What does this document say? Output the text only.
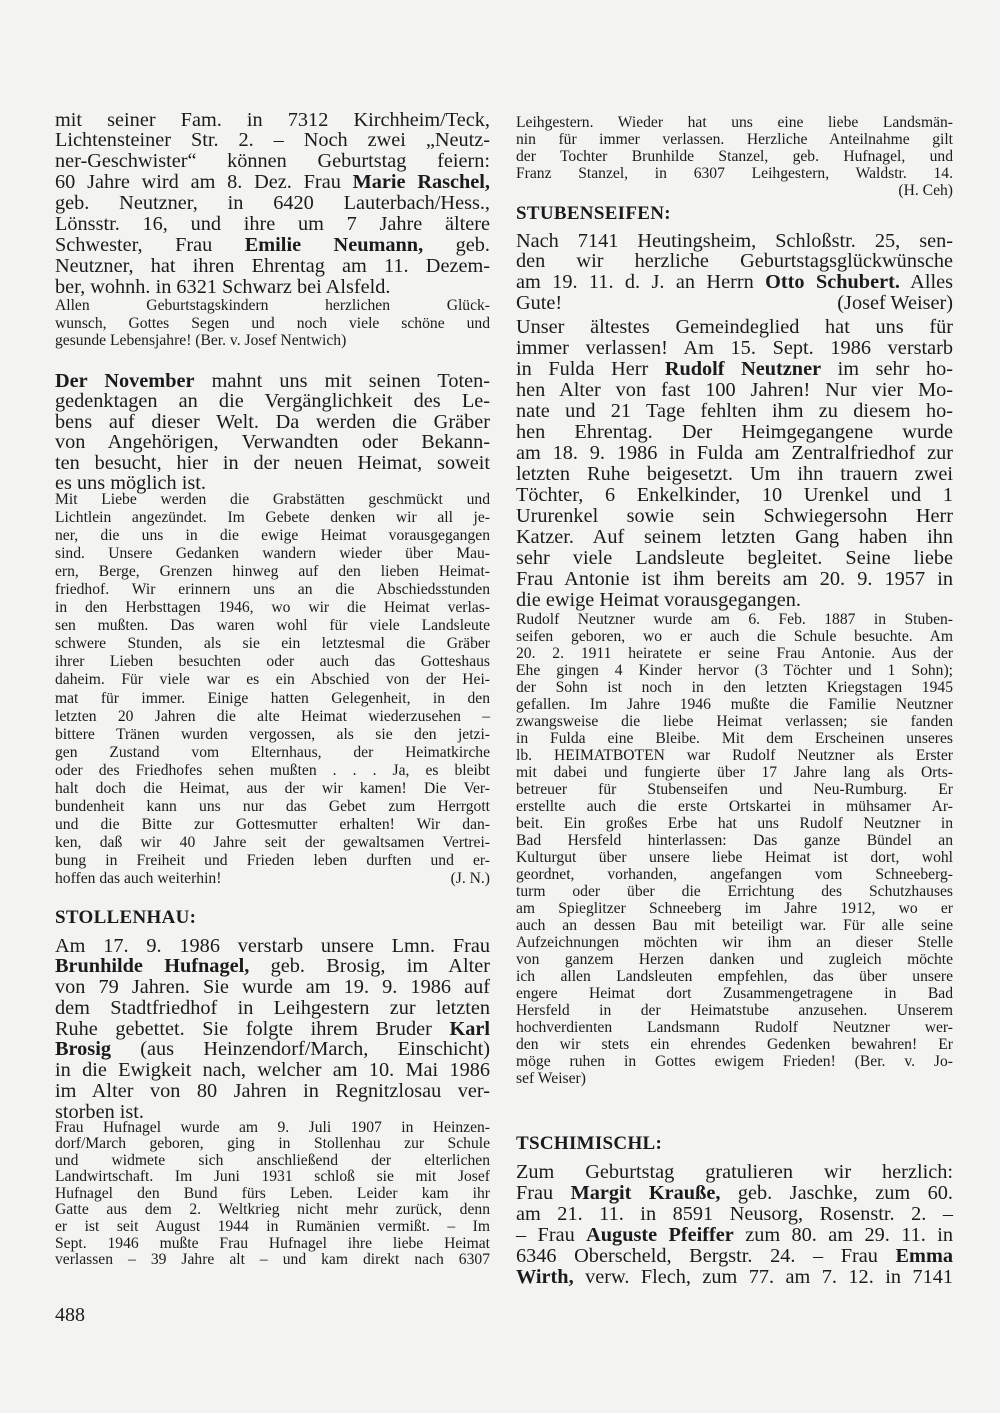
mit seiner Fam. in 7312 Kirchheim/Teck,
Lichtensteiner Str. 2. – Noch zwei „Neutz-
ner-Geschwister“ können Geburtstag feiern:
60 Jahre wird am 8. Dez. Frau Marie Raschel,
geb. Neutzner, in 6420 Lauterbach/Hess.,
Lönsstr. 16, und ihre um 7 Jahre ältere
Schwester, Frau Emilie Neumann, geb.
Neutzner, hat ihren Ehrentag am 11. Dezem-
ber, wohnh. in 6321 Schwarz bei Alsfeld.
Allen Geburtstagskindern herzlichen Glück-
wunsch, Gottes Segen und noch viele schöne und
gesunde Lebensjahre! (Ber. v. Josef Nentwich)
Der November mahnt uns mit seinen Toten-
gedenktagen an die Vergänglichkeit des Le-
bens auf dieser Welt. Da werden die Gräber
von Angehörigen, Verwandten oder Bekann-
ten besucht, hier in der neuen Heimat, soweit
es uns möglich ist.
Mit Liebe werden die Grabstätten geschmückt und
Lichtlein angezündet. Im Gebete denken wir all je-
ner, die uns in die ewige Heimat vorausgegangen
sind. Unsere Gedanken wandern wieder über Mau-
ern, Berge, Grenzen hinweg auf den lieben Heimat-
friedhof. Wir erinnern uns an die Abschiedsstunden
in den Herbsttagen 1946, wo wir die Heimat verlas-
sen mußten. Das waren wohl für viele Landsleute
schwere Stunden, als sie ein letztesmal die Gräber
ihrer Lieben besuchten oder auch das Gotteshaus
daheim. Für viele war es ein Abschied von der Hei-
mat für immer. Einige hatten Gelegenheit, in den
letzten 20 Jahren die alte Heimat wiederzusehen –
bittere Tränen wurden vergossen, als sie den jetzi-
gen Zustand vom Elternhaus, der Heimatkirche
oder des Friedhofes sehen mußten . . . Ja, es bleibt
halt doch die Heimat, aus der wir kamen! Die Ver-
bundenheit kann uns nur das Gebet zum Herrgott
und die Bitte zur Gottesmutter erhalten! Wir dan-
ken, daß wir 40 Jahre seit der gewaltsamen Vertrei-
bung in Freiheit und Frieden leben durften und er-
(J. N.)
hoffen das auch weiterhin!
STOLLENHAU:
Am 17. 9. 1986 verstarb unsere Lmn. Frau
Brunhilde Hufnagel, geb. Brosig, im Alter
von 79 Jahren. Sie wurde am 19. 9. 1986 auf
dem Stadtfriedhof in Leihgestern zur letzten
Ruhe gebettet. Sie folgte ihrem Bruder Karl
Brosig (aus Heinzendorf/March, Einschicht)
in die Ewigkeit nach, welcher am 10. Mai 1986
im Alter von 80 Jahren in Regnitzlosau ver-
storben ist.
Frau Hufnagel wurde am 9. Juli 1907 in Heinzen-
dorf/March geboren, ging in Stollenhau zur Schule
und widmete sich anschließend der elterlichen
Landwirtschaft. Im Juni 1931 schloß sie mit Josef
Hufnagel den Bund fürs Leben. Leider kam ihr
Gatte aus dem 2. Weltkrieg nicht mehr zurück, denn
er ist seit August 1944 in Rumänien vermißt. – Im
Sept. 1946 mußte Frau Hufnagel ihre liebe Heimat
verlassen – 39 Jahre alt – und kam direkt nach 6307
Leihgestern. Wieder hat uns eine liebe Landsmän-
nin für immer verlassen. Herzliche Anteilnahme gilt
der Tochter Brunhilde Stanzel, geb. Hufnagel, und
Franz Stanzel, in 6307 Leihgestern, Waldstr. 14.
(H. Ceh)
STUBENSEIFEN:
Nach 7141 Heutingsheim, Schloßstr. 25, sen-
den wir herzliche Geburtstagsglückwünsche
am 19. 11. d. J. an Herrn Otto Schubert. Alles
(Josef Weiser)
Gute!
Unser ältestes Gemeindeglied hat uns für
immer verlassen! Am 15. Sept. 1986 verstarb
in Fulda Herr Rudolf Neutzner im sehr ho-
hen Alter von fast 100 Jahren! Nur vier Mo-
nate und 21 Tage fehlten ihm zu diesem ho-
hen Ehrentag. Der Heimgegangene wurde
am 18. 9. 1986 in Fulda am Zentralfriedhof zur
letzten Ruhe beigesetzt. Um ihn trauern zwei
Töchter, 6 Enkelkinder, 10 Urenkel und 1
Ururenkel sowie sein Schwiegersohn Herr
Katzer. Auf seinem letzten Gang haben ihn
sehr viele Landsleute begleitet. Seine liebe
Frau Antonie ist ihm bereits am 20. 9. 1957 in
die ewige Heimat vorausgegangen.
Rudolf Neutzner wurde am 6. Feb. 1887 in Stuben-
seifen geboren, wo er auch die Schule besuchte. Am
20. 2. 1911 heiratete er seine Frau Antonie. Aus der
Ehe gingen 4 Kinder hervor (3 Töchter und 1 Sohn);
der Sohn ist noch in den letzten Kriegstagen 1945
gefallen. Im Jahre 1946 mußte die Familie Neutzner
zwangsweise die liebe Heimat verlassen; sie fanden
in Fulda eine Bleibe. Mit dem Erscheinen unseres
lb. HEIMATBOTEN war Rudolf Neutzner als Erster
mit dabei und fungierte über 17 Jahre lang als Orts-
betreuer für Stubenseifen und Neu-Rumburg. Er
erstellte auch die erste Ortskartei in mühsamer Ar-
beit. Ein großes Erbe hat uns Rudolf Neutzner in
Bad Hersfeld hinterlassen: Das ganze Bündel an
Kulturgut über unsere liebe Heimat ist dort, wohl
geordnet, vorhanden, angefangen vom Schneeberg-
turm oder über die Errichtung des Schutzhauses
am Spieglitzer Schneeberg im Jahre 1912, wo er
auch an dessen Bau mit beteiligt war. Für alle seine
Aufzeichnungen möchten wir ihm an dieser Stelle
von ganzem Herzen danken und zugleich möchte
ich allen Landsleuten empfehlen, das über unsere
engere Heimat dort Zusammengetragene in Bad
Hersfeld in der Heimatstube anzusehen. Unserem
hochverdienten Landsmann Rudolf Neutzner wer-
den wir stets ein ehrendes Gedenken bewahren! Er
möge ruhen in Gottes ewigem Frieden! (Ber. v. Jo-
sef Weiser)
TSCHIMISCHL:
Zum Geburtstag gratulieren wir herzlich:
Frau Margit Krauße, geb. Jaschke, zum 60.
am 21. 11. in 8591 Neusorg, Rosenstr. 2. –
– Frau Auguste Pfeiffer zum 80. am 29. 11. in
6346 Oberscheld, Bergstr. 24. – Frau Emma
Wirth, verw. Flech, zum 77. am 7. 12. in 7141
488
